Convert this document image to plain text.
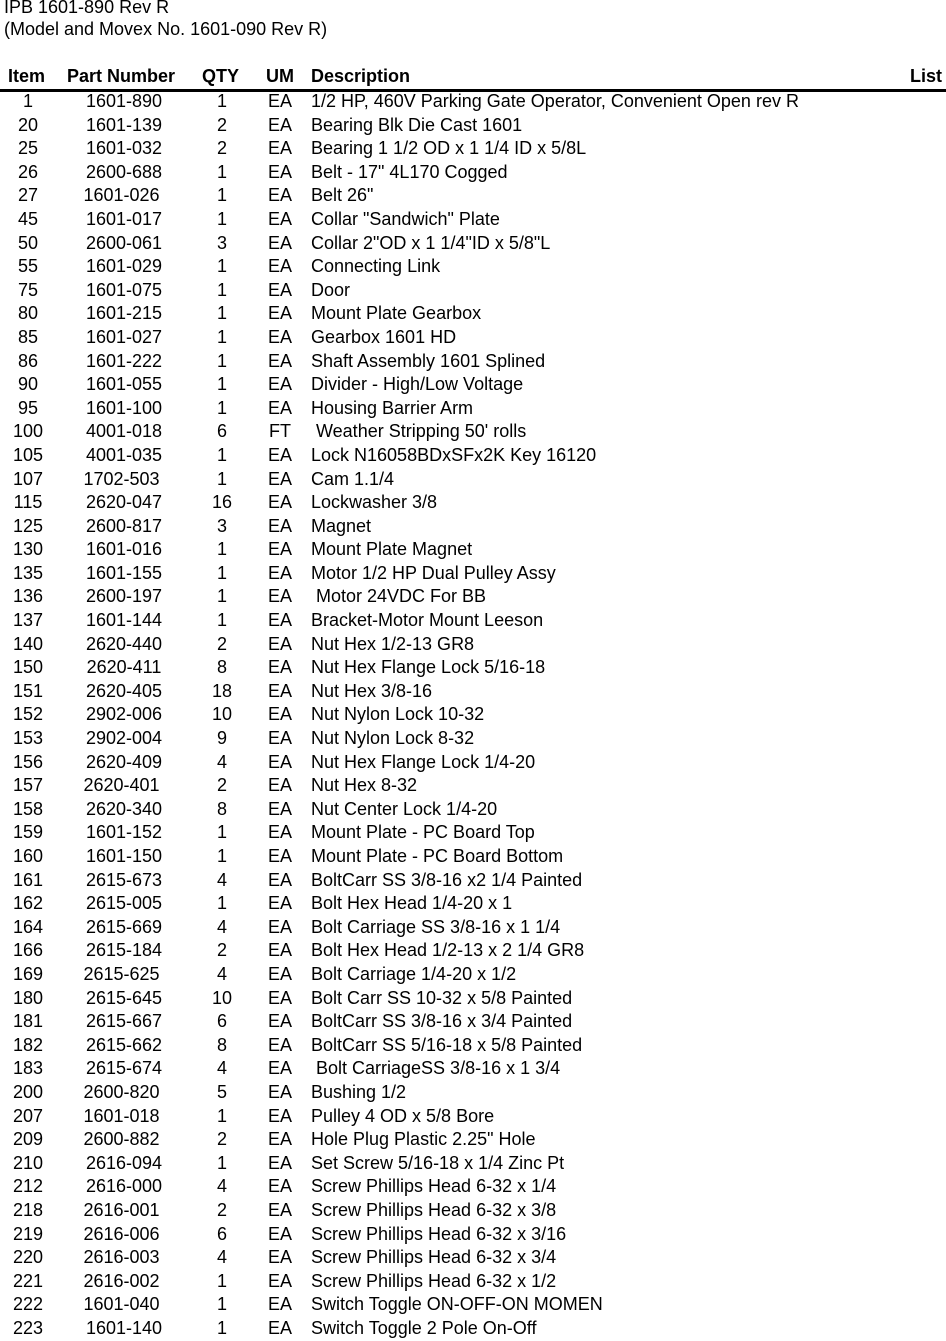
IPB 1601-890 Rev R
(Model and Movex No. 1601-090 Rev R)
Item Part Number QTY UM Description	List
1	1601-890	1	EA	1/2 HP, 460V Parking Gate Operator, Convenient Open rev R
20	1601-139	2	EA	Bearing Blk Die Cast 1601
25	1601-032	2	EA	Bearing 1 1/2 OD x 1 1/4 ID x 5/8L
26	2600-688	1	EA	Belt - 17" 4L170 Cogged
27	1601-026	1	EA	Belt 26"
45	1601-017	1	EA	Collar "Sandwich" Plate
50	2600-061	3	EA	Collar 2"OD x 1 1/4"ID x 5/8"L
55	1601-029	1	EA	Connecting Link
75	1601-075	1	EA	Door
80	1601-215	1	EA	Mount Plate Gearbox
85	1601-027	1	EA	Gearbox 1601 HD
86	1601-222	1	EA	Shaft Assembly 1601 Splined
90	1601-055	1	EA	Divider - High/Low Voltage
95	1601-100	1	EA	Housing Barrier Arm
100	4001-018	6	FT	Weather Stripping 50' rolls
105	4001-035	1	EA	Lock N16058BDxSFx2K Key 16120
107	1702-503	1	EA	Cam 1.1/4
115	2620-047	16	EA	Lockwasher 3/8
125	2600-817	3	EA	Magnet
130	1601-016	1	EA	Mount Plate Magnet
135	1601-155	1	EA	Motor 1/2 HP Dual Pulley Assy
136	2600-197	1	EA	Motor 24VDC For BB
137	1601-144	1	EA	Bracket-Motor Mount Leeson
140	2620-440	2	EA	Nut Hex 1/2-13 GR8
150	2620-411	8	EA	Nut Hex Flange Lock 5/16-18
151	2620-405	18	EA	Nut Hex 3/8-16
152	2902-006	10	EA	Nut Nylon Lock 10-32
153	2902-004	9	EA	Nut Nylon Lock 8-32
156	2620-409	4	EA	Nut Hex Flange Lock 1/4-20
157	2620-401	2	EA	Nut Hex 8-32
158	2620-340	8	EA	Nut Center Lock 1/4-20
159	1601-152	1	EA	Mount Plate - PC Board Top
160	1601-150	1	EA	Mount Plate - PC Board Bottom
161	2615-673	4	EA	BoltCarr SS 3/8-16 x2 1/4 Painted
162	2615-005	1	EA	Bolt Hex Head 1/4-20 x 1
164	2615-669	4	EA	Bolt Carriage SS 3/8-16 x 1 1/4
166	2615-184	2	EA	Bolt Hex Head 1/2-13 x 2 1/4 GR8
169	2615-625	4	EA	Bolt Carriage 1/4-20 x 1/2
180	2615-645	10	EA	Bolt Carr SS 10-32 x 5/8 Painted
181	2615-667	6	EA	BoltCarr SS 3/8-16 x 3/4 Painted
182	2615-662	8	EA	BoltCarr SS 5/16-18 x 5/8 Painted
183	2615-674	4	EA	Bolt CarriageSS 3/8-16 x 1 3/4
200	2600-820	5	EA	Bushing 1/2
207	1601-018	1	EA	Pulley 4 OD x 5/8 Bore
209	2600-882	2	EA	Hole Plug Plastic 2.25" Hole
210	2616-094	1	EA	Set Screw 5/16-18 x 1/4 Zinc Pt
212	2616-000	4	EA	Screw Phillips Head 6-32 x 1/4
218	2616-001	2	EA	Screw Phillips Head 6-32 x 3/8
219	2616-006	6	EA	Screw Phillips Head 6-32 x 3/16
220	2616-003	4	EA	Screw Phillips Head 6-32 x 3/4
221	2616-002	1	EA	Screw Phillips Head 6-32 x 1/2
222	1601-040	1	EA	Switch Toggle ON-OFF-ON MOMEN
223	1601-140	1	EA	Switch Toggle 2 Pole On-Off
